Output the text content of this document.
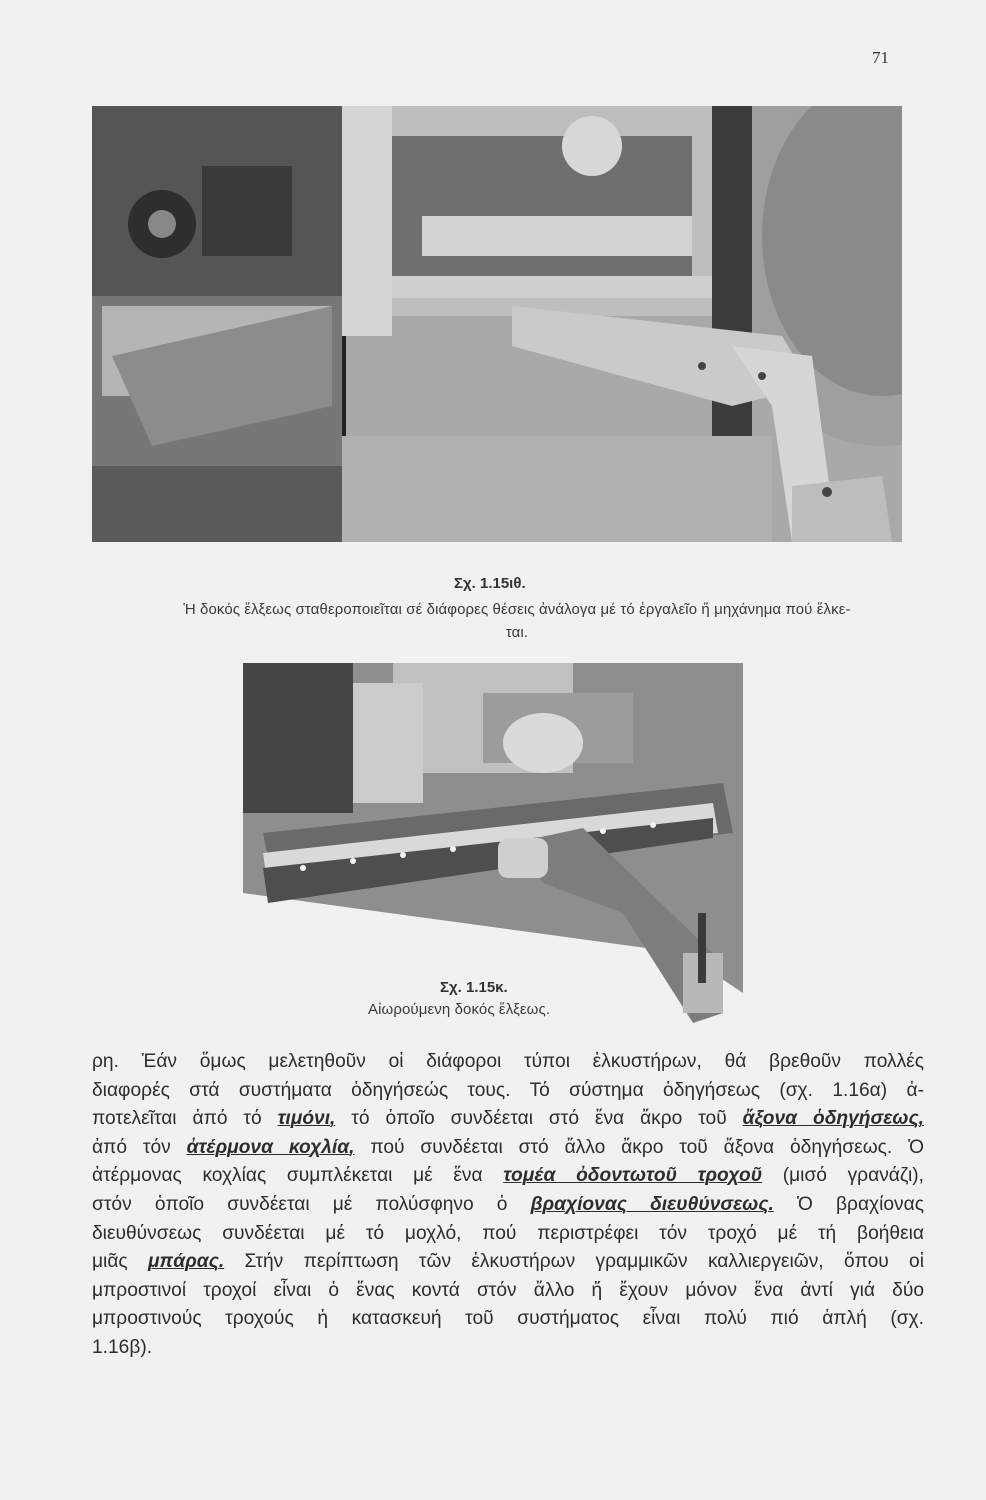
71
Σχ. 1.15ιθ.
Ἡ δοκός ἕλξεως σταθεροποιεῖται σέ διάφορες θέσεις ἀνάλογα μέ τό ἐργαλεῖο ἤ μηχάνημα πού ἕλκε-
ται.
Σχ. 1.15κ.
Αἰωρούμενη δοκός ἕλξεως.
ρη. Ἐάν ὅμως μελετηθοῦν οἱ διάφοροι τύποι ἑλκυστήρων, θά βρεθοῦν πολλές
διαφορές στά συστήματα ὁδηγήσεώς τους. Τό σύστημα ὁδηγήσεως (σχ. 1.16α) ἀ-
ποτελεῖται ἀπό τό τιμόνι, τό ὁποῖο συνδέεται στό ἕνα ἄκρο τοῦ ἄξονα ὁδηγήσεως,
ἀπό τόν ἀτέρμονα κοχλία, πού συνδέεται στό ἄλλο ἄκρο τοῦ ἄξονα ὁδηγήσεως. Ὁ
ἀτέρμονας κοχλίας συμπλέκεται μέ ἕνα τομέα ὀδοντωτοῦ τροχοῦ (μισό γρανάζι),
στόν ὁποῖο συνδέεται μέ πολύσφηνο ὁ βραχίονας διευθύνσεως. Ὁ βραχίονας
διευθύνσεως συνδέεται μέ τό μοχλό, πού περιστρέφει τόν τροχό μέ τή βοήθεια
μιᾶς μπάρας. Στήν περίπτωση τῶν ἑλκυστήρων γραμμικῶν καλλιεργειῶν, ὅπου οἱ
μπροστινοί τροχοί εἶναι ὁ ἕνας κοντά στόν ἄλλο ἤ ἔχουν μόνον ἕνα ἀντί γιά δύο
μπροστινούς τροχούς ἡ κατασκευή τοῦ συστήματος εἶναι πολύ πιό ἁπλή (σχ.
1.16β).
